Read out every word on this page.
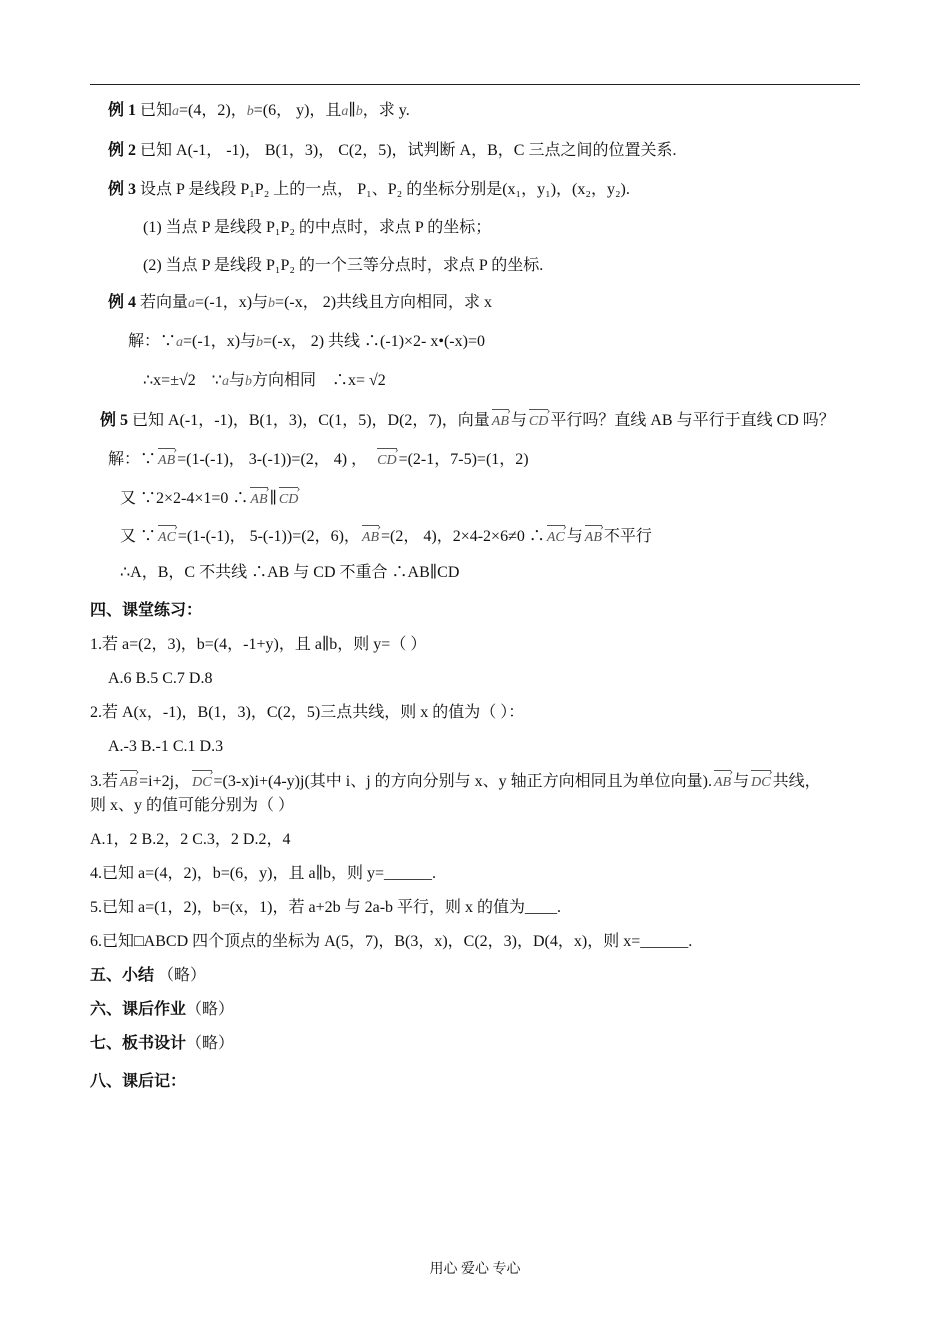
例 1 已知a=(4，2)，b=(6， y)，且a∥b，求 y.
例 2 已知 A(-1， -1)， B(1，3)， C(2，5)，试判断 A，B，C 三点之间的位置关系.
例 3 设点 P 是线段 P₁P₂ 上的一点， P₁、P₂ 的坐标分别是(x₁，y₁)，(x₂，y₂).
(1) 当点 P 是线段 P₁P₂ 的中点时，求点 P 的坐标；
(2) 当点 P 是线段 P₁P₂ 的一个三等分点时，求点 P 的坐标.
例 4 若向量a=(-1，x)与b=(-x， 2)共线且方向相同，求 x
解：∵a=(-1，x)与b=(-x， 2) 共线 ∴(-1)×2- x•(-x)=0
∴x=±√2 ∵a与b方向相同 ∴x= √2
例 5 已知 A(-1，-1)，B(1，3)，C(1，5)，D(2，7)，向量 AB › 与 CD › 平行吗？直线 AB 与平行于直线 CD 吗？
解：∵ AB › =(1-(-1)， 3-(-1))=(2， 4) ， CD › =(2-1，7-5)=(1，2)
又 ∵2×2-4×1=0 ∴ AB › ∥ CD ›
又 ∵ AC › =(1-(-1)， 5-(-1))=(2，6)， AB › =(2， 4)，2×4-2×6≠0 ∴ AC › 与 AB › 不平行
∴A，B，C 不共线 ∴AB 与 CD 不重合 ∴AB∥CD
四、课堂练习：
1.若 a=(2，3)，b=(4，-1+y)，且 a∥b，则 y=（ ）
A.6 B.5 C.7 D.8
2.若 A(x，-1)，B(1，3)，C(2，5)三点共线，则 x 的值为（ ）：
A.-3 B.-1 C.1 D.3
3.若 AB › =i+2j， DC › =(3-x)i+(4-y)j(其中 i、j 的方向分别与 x、y 轴正方向相同且为单位向量). AB › 与 DC › 共线，
则 x、y 的值可能分别为（ ）
A.1，2 B.2，2 C.3，2 D.2，4
4.已知 a=(4，2)，b=(6，y)，且 a∥b，则 y=______.
5.已知 a=(1，2)，b=(x，1)，若 a+2b 与 2a-b 平行，则 x 的值为____.
6.已知□ABCD 四个顶点的坐标为 A(5，7)，B(3，x)，C(2，3)，D(4，x)，则 x=______.
五、小结 （略）
六、课后作业（略）
七、板书设计（略）
八、课后记：
用心 爱心 专心
